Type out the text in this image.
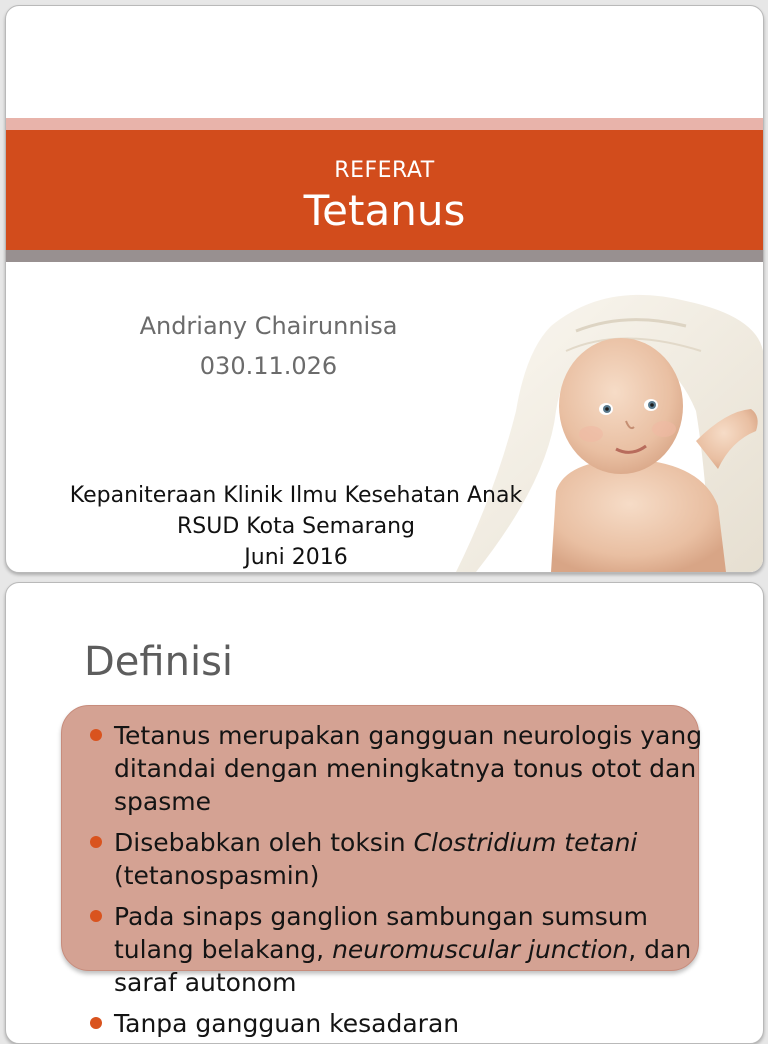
REFERAT
Tetanus
Andriany Chairunnisa
030.11.026
Kepaniteraan Klinik Ilmu Kesehatan Anak
RSUD Kota Semarang
Juni 2016
Definisi
Tetanus merupakan gangguan neurologis yang ditandai dengan meningkatnya tonus otot dan spasme
Disebabkan oleh toksin Clostridium tetani (tetanospasmin)
Pada sinaps ganglion sambungan sumsum tulang belakang, neuromuscular junction, dan saraf autonom
Tanpa gangguan kesadaran
